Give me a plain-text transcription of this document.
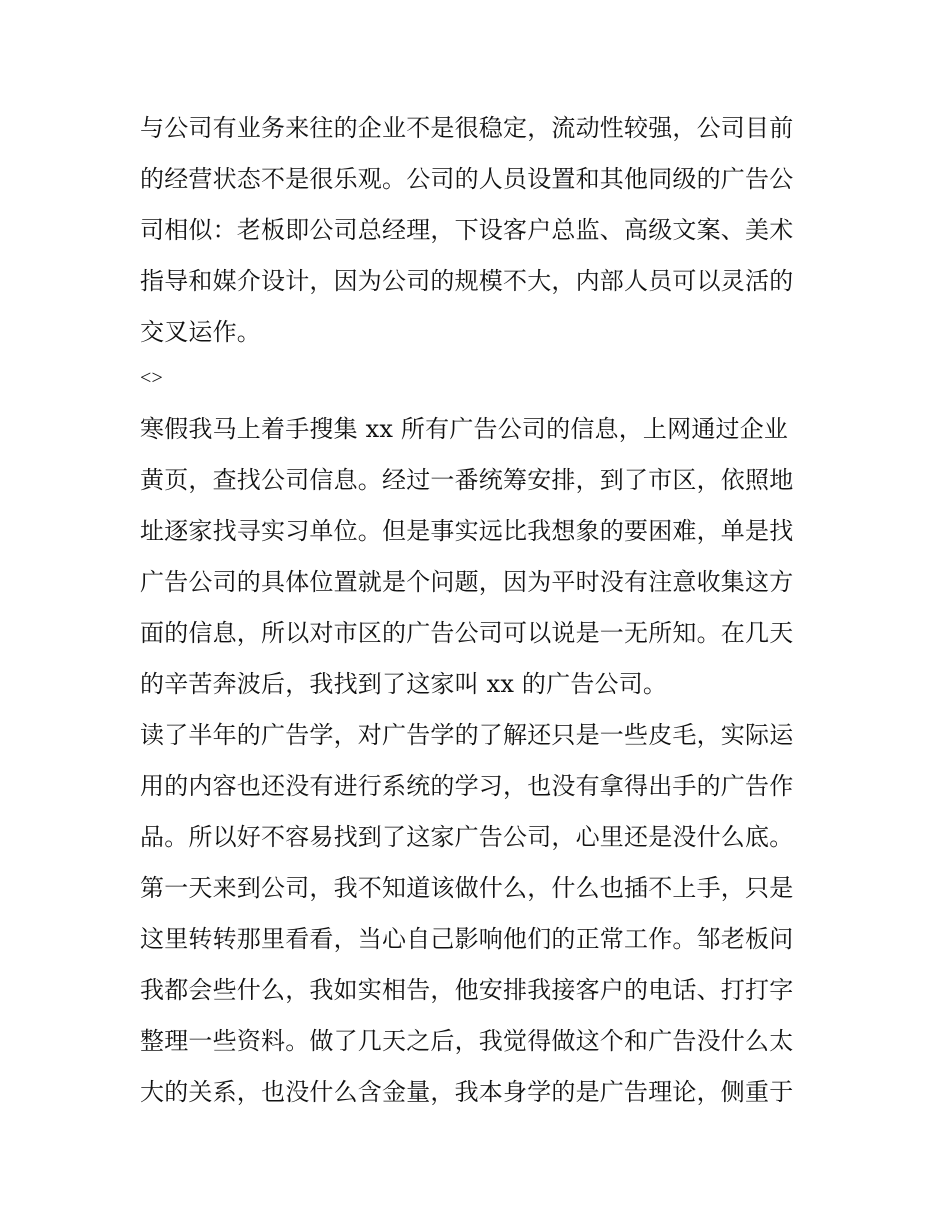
与公司有业务来往的企业不是很稳定，流动性较强，公司目前
的经营状态不是很乐观。公司的人员设置和其他同级的广告公
司相似：老板即公司总经理，下设客户总监、高级文案、美术
指导和媒介设计，因为公司的规模不大，内部人员可以灵活的
交叉运作。
<>
寒假我马上着手搜集 xx 所有广告公司的信息，上网通过企业
黄页，查找公司信息。经过一番统筹安排，到了市区，依照地
址逐家找寻实习单位。但是事实远比我想象的要困难，单是找
广告公司的具体位置就是个问题，因为平时没有注意收集这方
面的信息，所以对市区的广告公司可以说是一无所知。在几天
的辛苦奔波后，我找到了这家叫 xx 的广告公司。
读了半年的广告学，对广告学的了解还只是一些皮毛，实际运
用的内容也还没有进行系统的学习，也没有拿得出手的广告作
品。所以好不容易找到了这家广告公司，心里还是没什么底。
第一天来到公司，我不知道该做什么，什么也插不上手，只是
这里转转那里看看，当心自己影响他们的正常工作。邹老板问
我都会些什么，我如实相告，他安排我接客户的电话、打打字
整理一些资料。做了几天之后，我觉得做这个和广告没什么太
大的关系，也没什么含金量，我本身学的是广告理论，侧重于
